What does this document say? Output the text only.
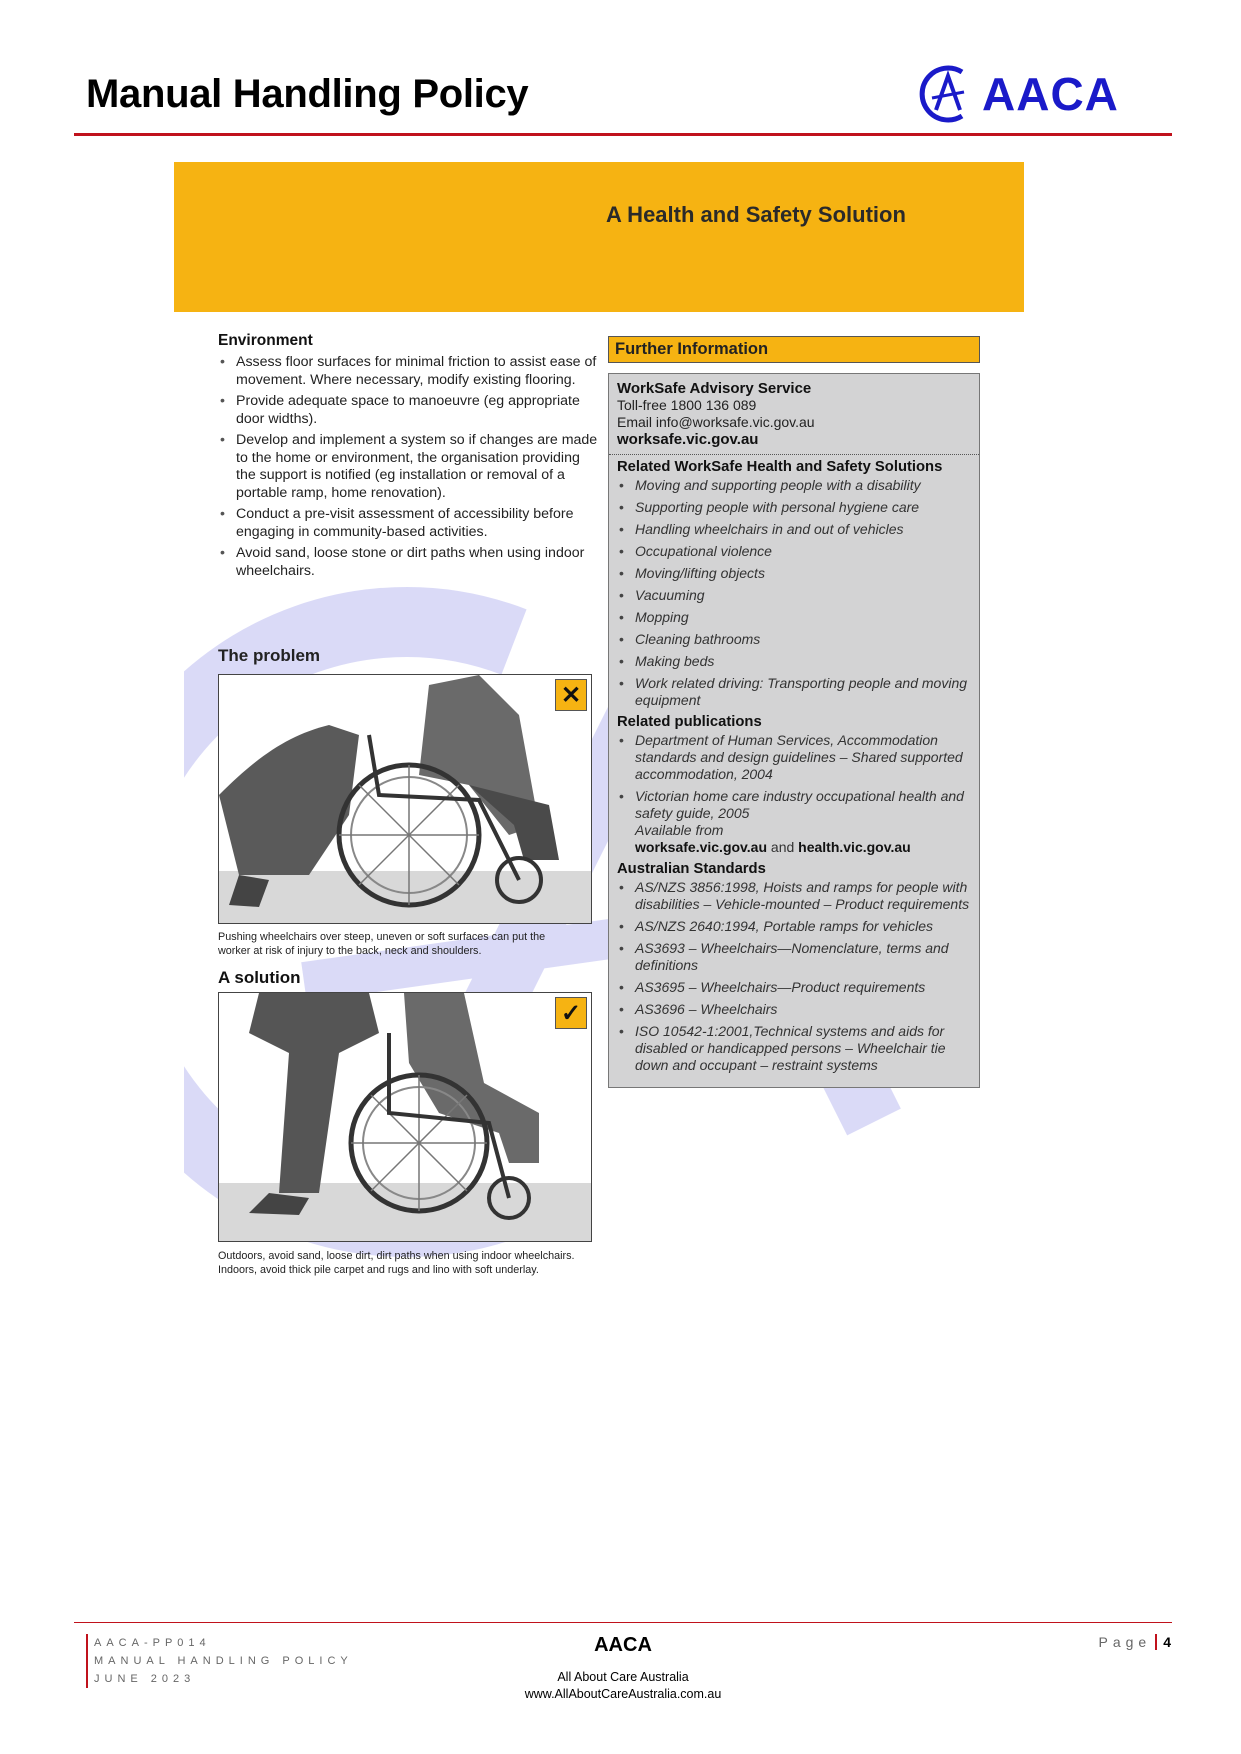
Manual Handling Policy	AACA
A Health and Safety Solution
Environment
• Assess floor surfaces for minimal friction to assist ease of movement. Where necessary, modify existing flooring.
• Provide adequate space to manoeuvre (eg appropriate door widths).
• Develop and implement a system so if changes are made to the home or environment, the organisation providing the support is notified (eg installation or removal of a portable ramp, home renovation).
• Conduct a pre-visit assessment of accessibility before engaging in community-based activities.
• Avoid sand, loose stone or dirt paths when using indoor wheelchairs.
The problem
✕
Pushing wheelchairs over steep, uneven or soft surfaces can put the worker at risk of injury to the back, neck and shoulders.
A solution
✓
Outdoors, avoid sand, loose dirt, dirt paths when using indoor wheelchairs. Indoors, avoid thick pile carpet and rugs and lino with soft underlay.
Further Information
WorkSafe Advisory Service
Toll-free 1800 136 089
Email info@worksafe.vic.gov.au
worksafe.vic.gov.au
Related WorkSafe Health and Safety Solutions
• Moving and supporting people with a disability
• Supporting people with personal hygiene care
• Handling wheelchairs in and out of vehicles
• Occupational violence
• Moving/lifting objects
• Vacuuming
• Mopping
• Cleaning bathrooms
• Making beds
• Work related driving: Transporting people and moving equipment
Related publications
• Department of Human Services, Accommodation standards and design guidelines – Shared supported accommodation, 2004
• Victorian home care industry occupational health and safety guide, 2005
Available from
worksafe.vic.gov.au and health.vic.gov.au
Australian Standards
• AS/NZS 3856:1998, Hoists and ramps for people with disabilities – Vehicle-mounted – Product requirements
• AS/NZS 2640:1994, Portable ramps for vehicles
• AS3693 – Wheelchairs—Nomenclature, terms and definitions
• AS3695 – Wheelchairs—Product requirements
• AS3696 – Wheelchairs
• ISO 10542-1:2001,Technical systems and aids for disabled or handicapped persons – Wheelchair tie down and occupant – restraint systems
AACA-PP014
MANUAL HANDLING POLICY
JUNE 2023
AACA
All About Care Australia
www.AllAboutCareAustralia.com.au
Page 4
